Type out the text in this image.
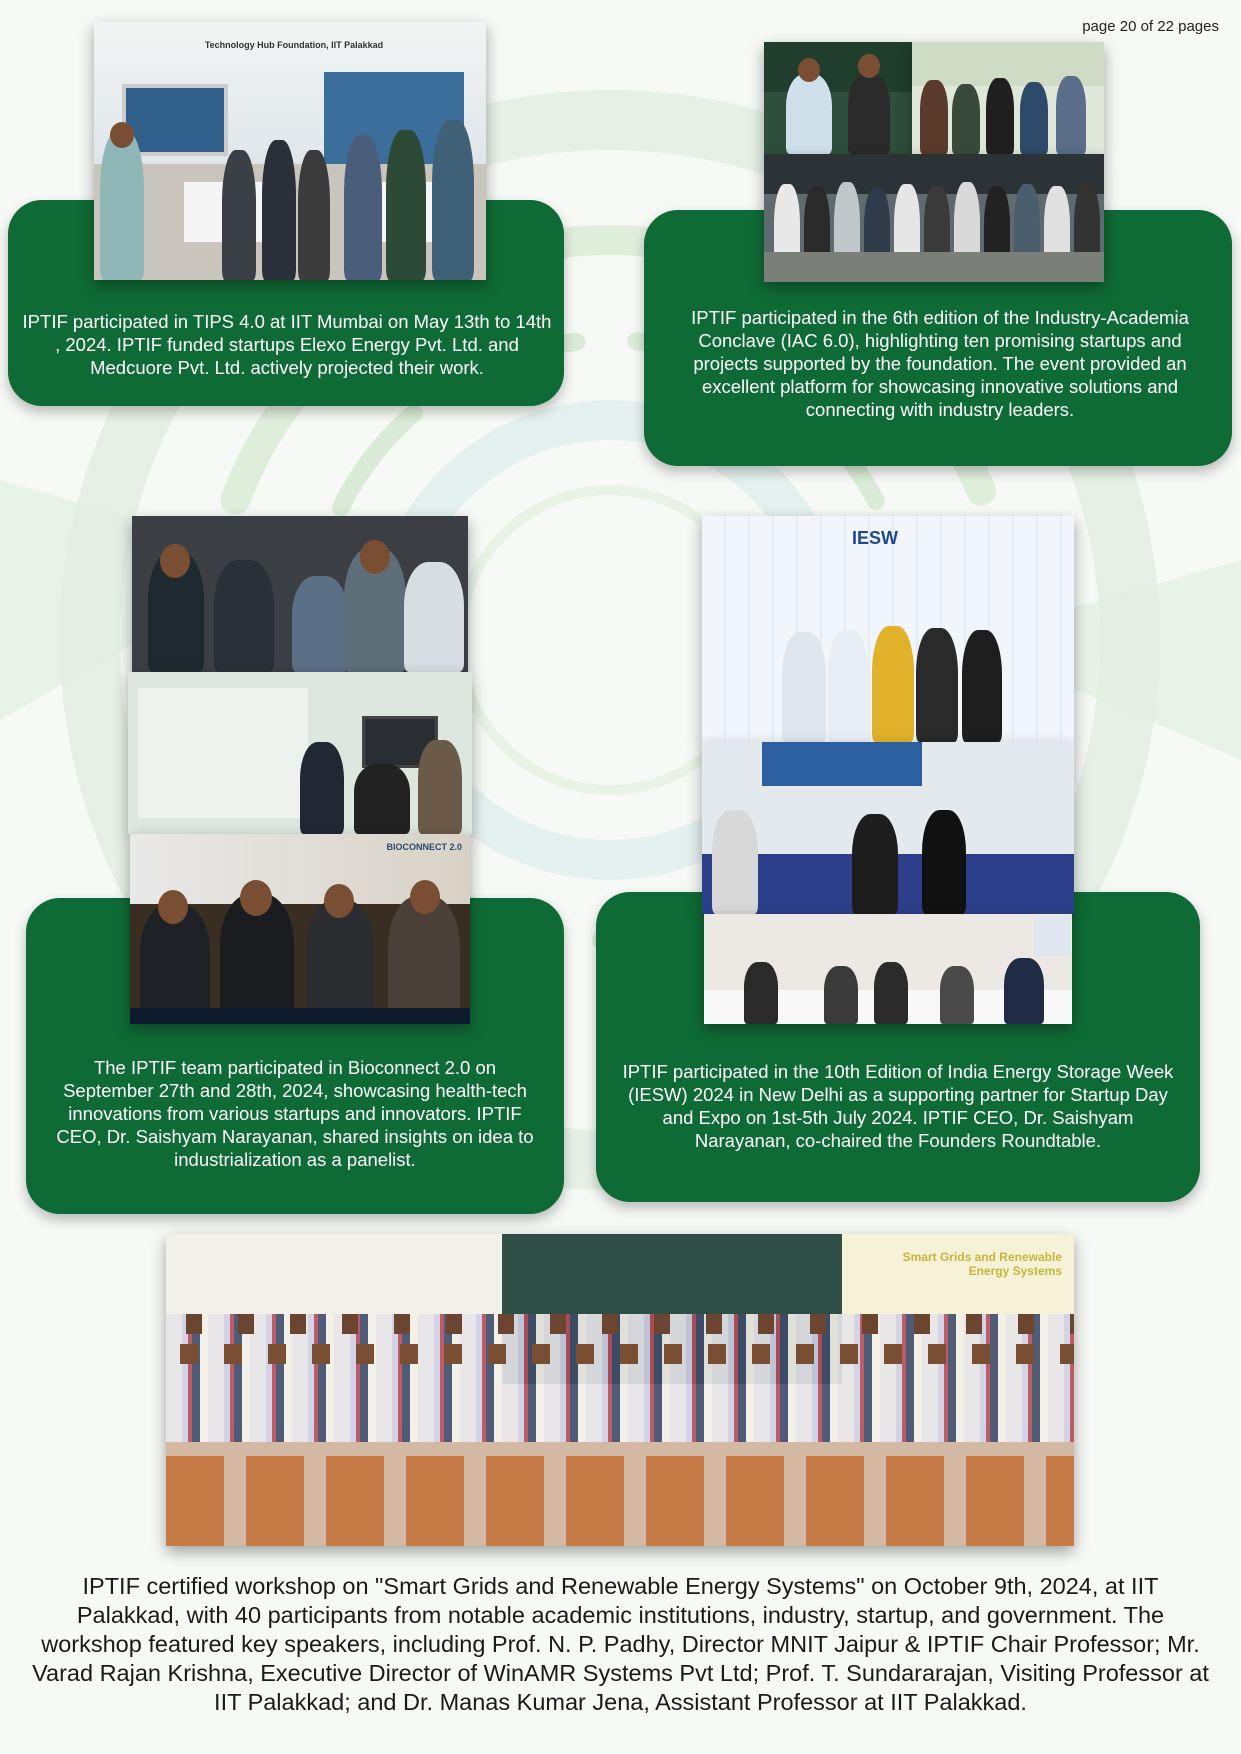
page 20 of 22 pages
Technology Hub Foundation, IIT Palakkad
IPTIF participated in TIPS 4.0 at IIT Mumbai on May 13th to 14th , 2024. IPTIF funded startups Elexo Energy Pvt. Ltd. and Medcuore Pvt. Ltd. actively projected their work.
IPTIF participated in the 6th edition of the Industry-Academia Conclave (IAC 6.0), highlighting ten promising startups and projects supported by the foundation. The event provided an excellent platform for showcasing innovative solutions and connecting with industry leaders.
BIOCONNECT 2.0
The IPTIF team participated in Bioconnect 2.0 on September 27th and 28th, 2024, showcasing health-tech innovations from various startups and innovators. IPTIF CEO, Dr. Saishyam Narayanan, shared insights on idea to industrialization as a panelist.
IESW
IPTIF participated in the 10th Edition of India Energy Storage Week (IESW) 2024 in New Delhi as a supporting partner for Startup Day and Expo on 1st-5th July 2024. IPTIF CEO, Dr. Saishyam Narayanan, co-chaired the Founders Roundtable.
Smart Grids and Renewable Energy Systems
IPTIF certified workshop on "Smart Grids and Renewable Energy Systems" on October 9th, 2024, at IIT Palakkad, with 40 participants from notable academic institutions, industry, startup, and government. The workshop featured key speakers, including Prof. N. P. Padhy, Director MNIT Jaipur & IPTIF Chair Professor; Mr. Varad Rajan Krishna, Executive Director of WinAMR Systems Pvt Ltd; Prof. T. Sundararajan, Visiting Professor at IIT Palakkad; and Dr. Manas Kumar Jena, Assistant Professor at IIT Palakkad.
